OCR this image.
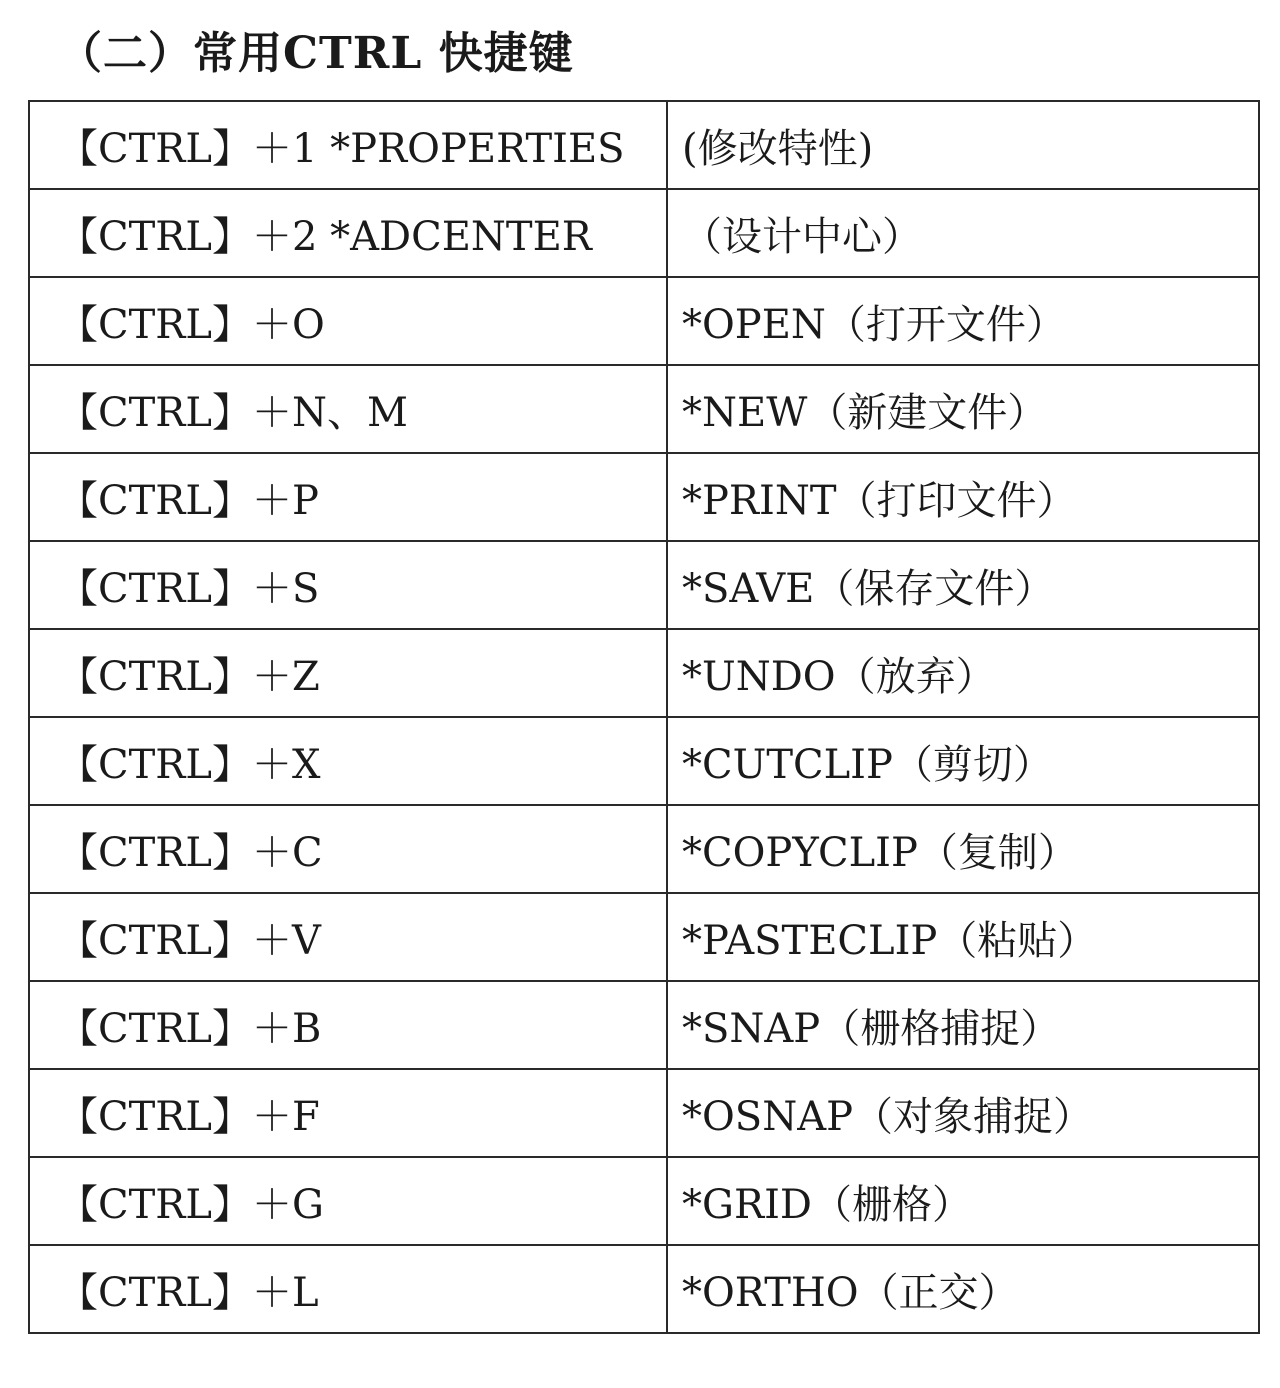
（二）常用CTRL 快捷键
【CTRL】＋1 *PROPERTIES	(修改特性)
【CTRL】＋2 *ADCENTER	（设计中心）
【CTRL】＋O	*OPEN（打开文件）
【CTRL】＋N、M	*NEW（新建文件）
【CTRL】＋P	*PRINT（打印文件）
【CTRL】＋S	*SAVE（保存文件）
【CTRL】＋Z	*UNDO（放弃）
【CTRL】＋X	*CUTCLIP（剪切）
【CTRL】＋C	*COPYCLIP（复制）
【CTRL】＋V	*PASTECLIP（粘贴）
【CTRL】＋B	*SNAP（栅格捕捉）
【CTRL】＋F	*OSNAP（对象捕捉）
【CTRL】＋G	*GRID（栅格）
【CTRL】＋L	*ORTHO（正交）
